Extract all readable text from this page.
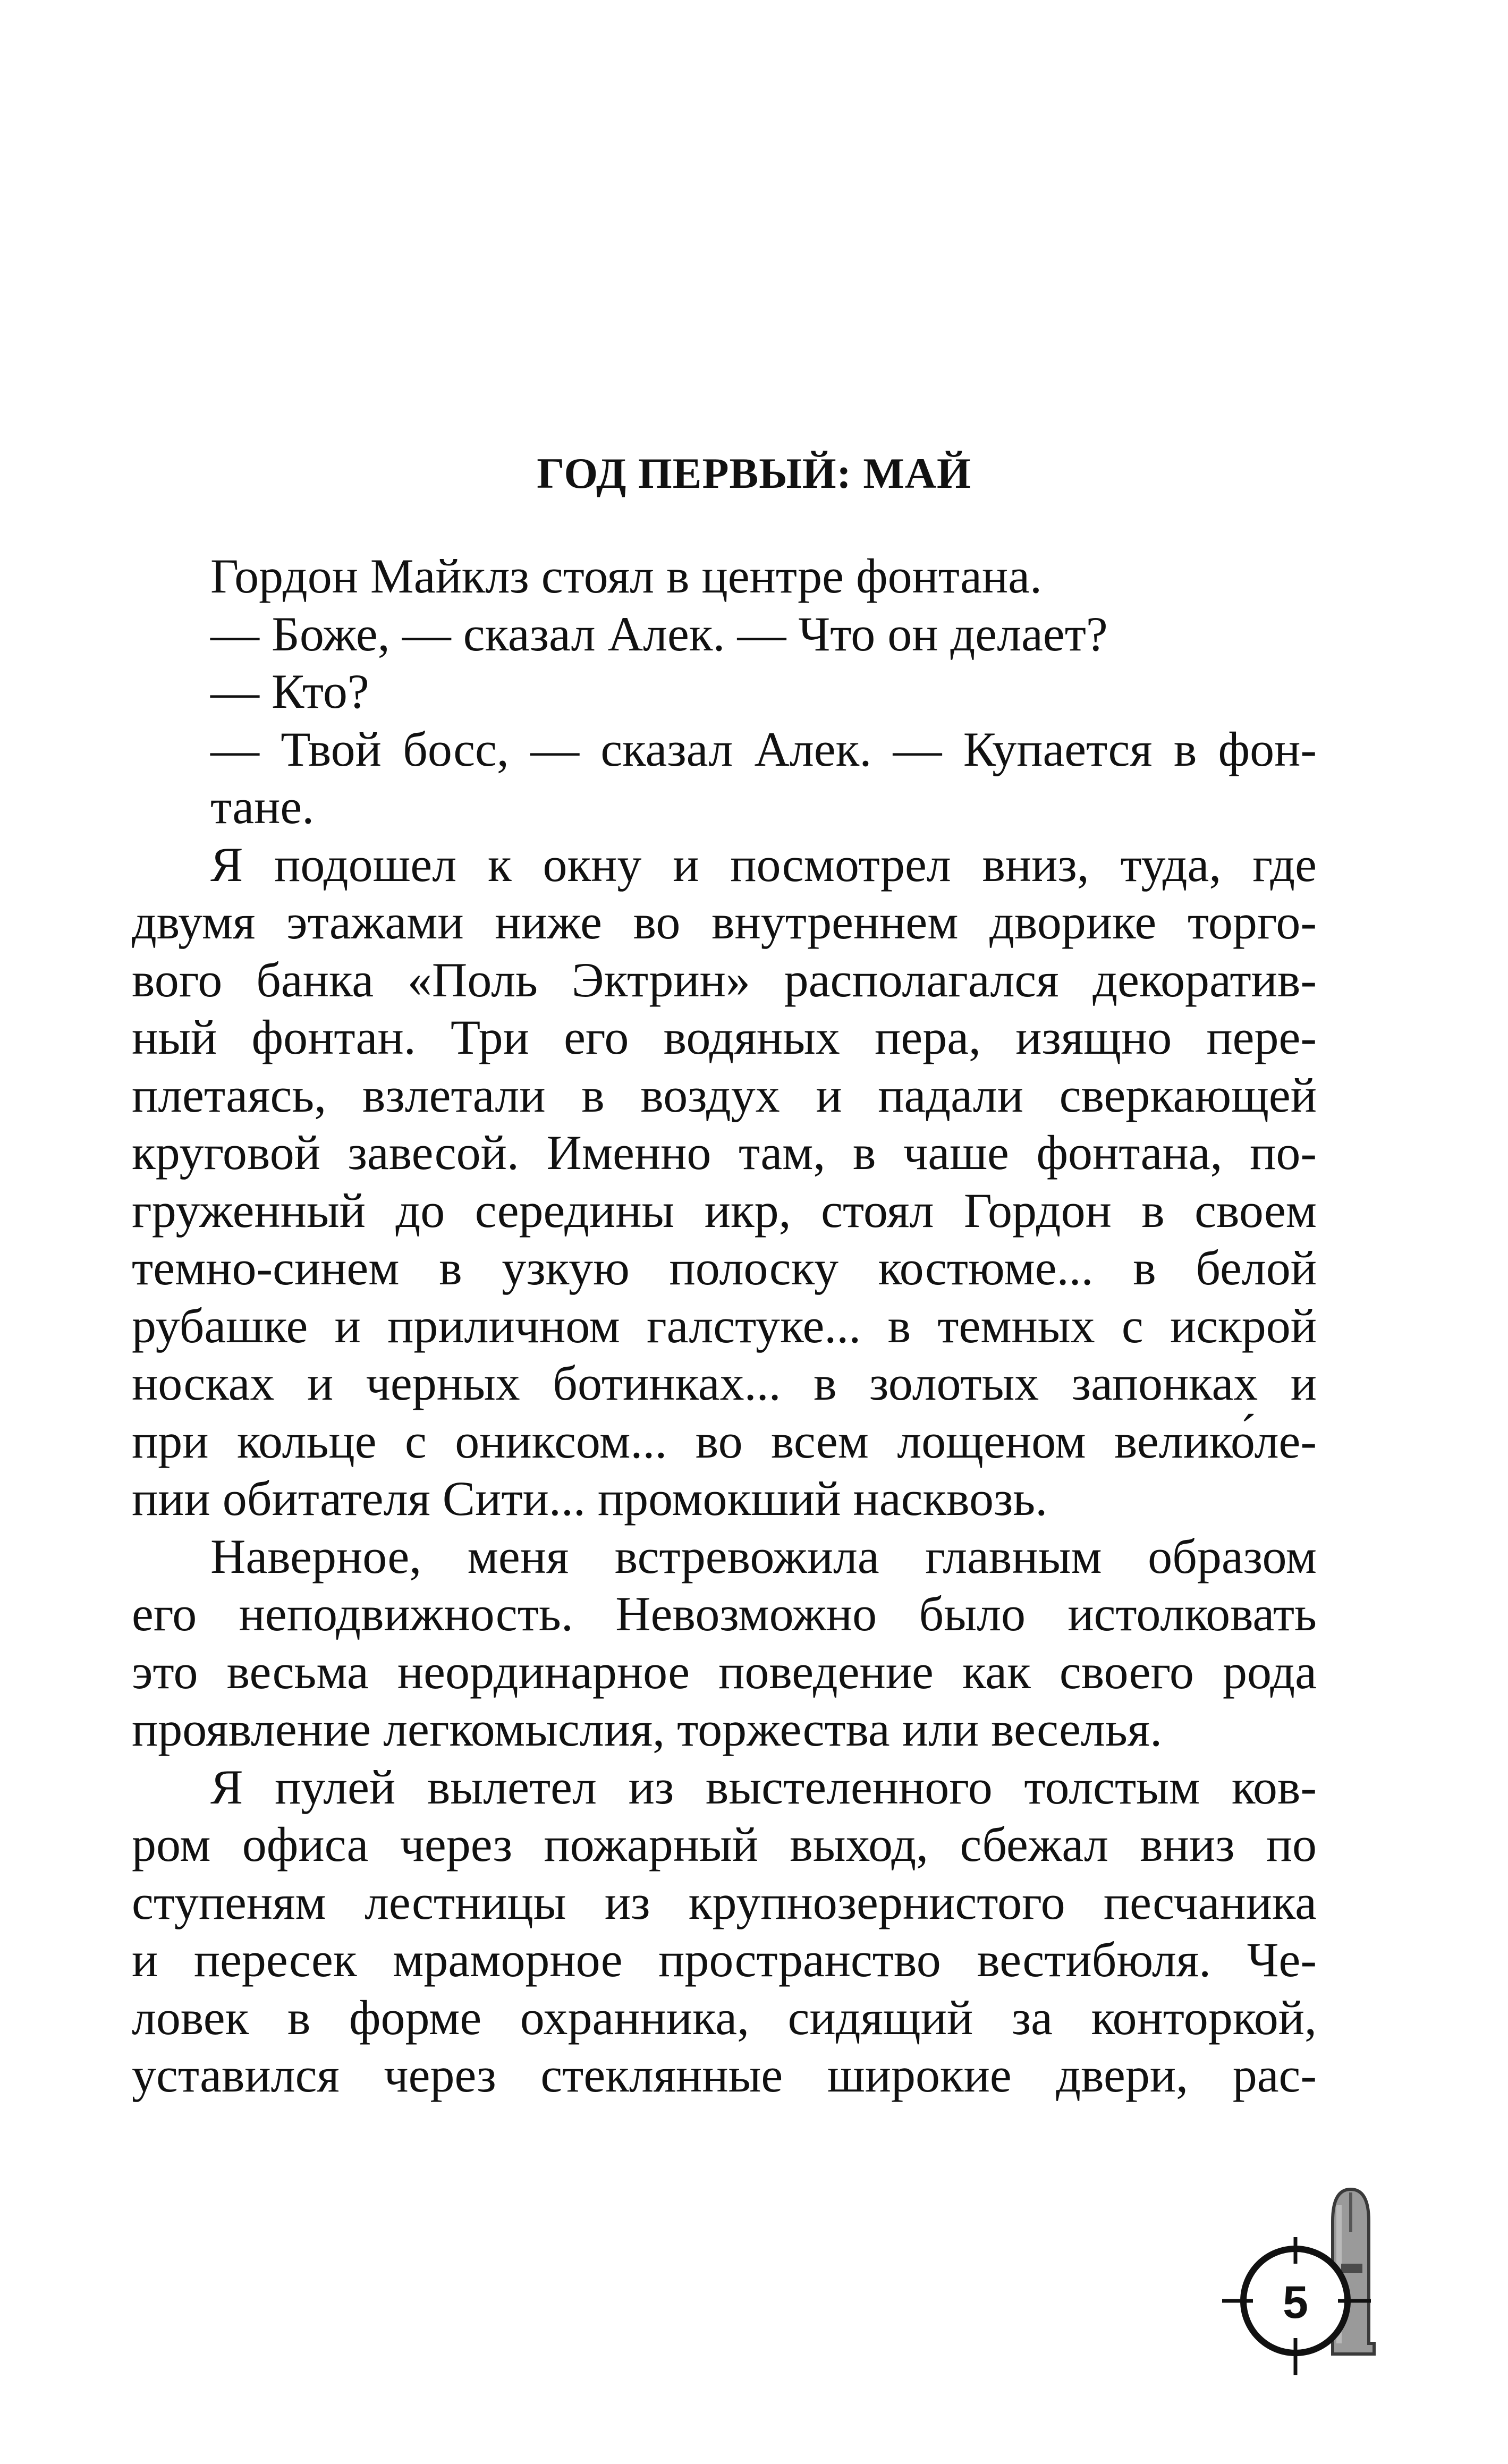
ГОД ПЕРВЫЙ: МАЙ
Гордон Майклз стоял в центре фонтана.
— Боже, — сказал Алек. — Что он делает?
— Кто?
— Твой босс, — сказал Алек. — Купается в фон-
тане.
Я подошел к окну и посмотрел вниз, туда, где
двумя этажами ниже во внутреннем дворике торго-
вого банка «Поль Эктрин» располагался декоратив-
ный фонтан. Три его водяных пера, изящно пере-
плетаясь, взлетали в воздух и падали сверкающей
круговой завесой. Именно там, в чаше фонтана, по-
груженный до середины икр, стоял Гордон в своем
темно-синем в узкую полоску костюме... в белой
рубашке и приличном галстуке... в темных с искрой
носках и черных ботинках... в золотых запонках и
при кольце с ониксом... во всем лощеном велико́ле-
пии обитателя Сити... промокший насквозь.
Наверное, меня встревожила главным образом
его неподвижность. Невозможно было истолковать
это весьма неординарное поведение как своего рода
проявление легкомыслия, торжества или веселья.
Я пулей вылетел из выстеленного толстым ков-
ром офиса через пожарный выход, сбежал вниз по
ступеням лестницы из крупнозернистого песчаника
и пересек мраморное пространство вестибюля. Че-
ловек в форме охранника, сидящий за конторкой,
уставился через стеклянные широкие двери, рас-
5
